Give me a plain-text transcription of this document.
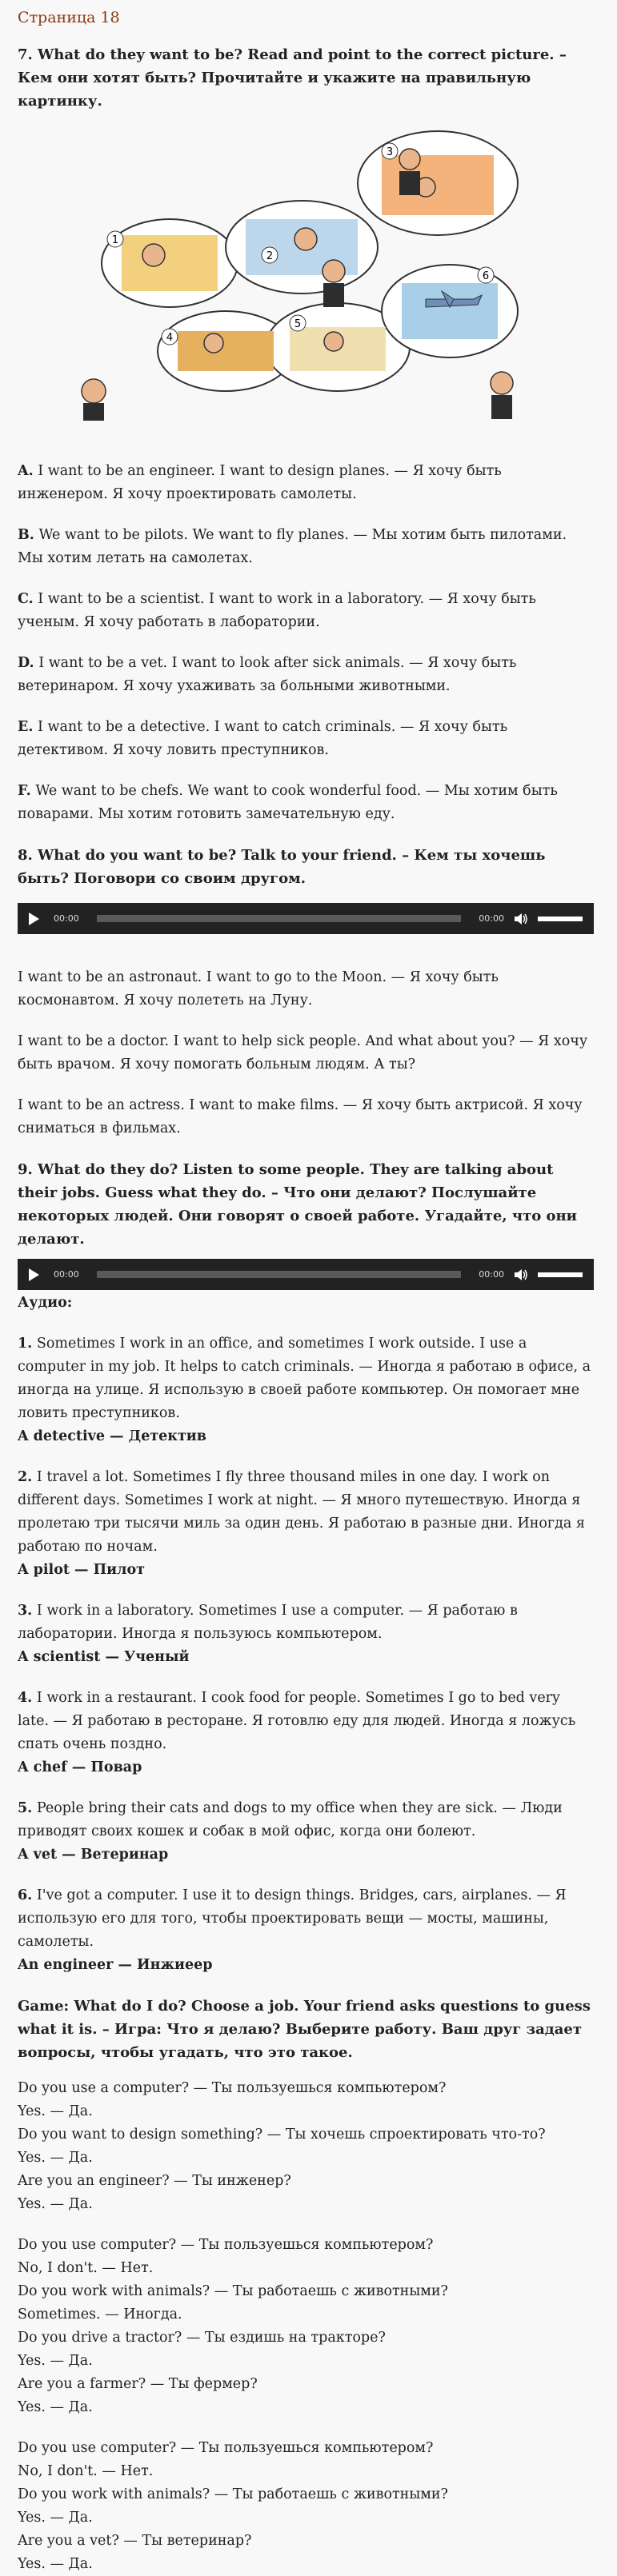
Страница 18
7. What do they want to be? Read and point to the correct picture. – Кем они хотят быть? Прочитайте и укажите на правильную картинку.
1
2
3
4
5
6

A. I want to be an engineer. I want to design planes. — Я хочу быть инженером. Я хочу проектировать самолеты.

B. We want to be pilots. We want to fly planes. — Мы хотим быть пилотами. Мы хотим летать на самолетах.

C. I want to be a scientist. I want to work in a laboratory. — Я хочу быть ученым. Я хочу работать в лаборатории.

D. I want to be a vet. I want to look after sick animals. — Я хочу быть ветеринаром. Я хочу ухаживать за больными животными.

E. I want to be a detective. I want to catch criminals. — Я хочу быть детективом. Я хочу ловить преступников.

F. We want to be chefs. We want to cook wonderful food. — Мы хотим быть поварами. Мы хотим готовить замечательную еду.

8. What do you want to be? Talk to your friend. – Кем ты хочешь быть? Поговори со своим другом.
00:00	00:00

I want to be an astronaut. I want to go to the Moon. — Я хочу быть космонавтом. Я хочу полететь на Луну.

I want to be a doctor. I want to help sick people. And what about you? — Я хочу быть врачом. Я хочу помогать больным людям. А ты?

I want to be an actress. I want to make films. — Я хочу быть актрисой. Я хочу сниматься в фильмах.

9. What do they do? Listen to some people. They are talking about their jobs. Guess what they do. – Что они делают? Послушайте некоторых людей. Они говорят о своей работе. Угадайте, что они делают.
00:00	00:00

Аудио:

1. Sometimes I work in an office, and sometimes I work outside. I use a computer in my job. It helps to catch criminals. — Иногда я работаю в офисе, а иногда на улице. Я использую в своей работе компьютер. Он помогает мне ловить преступников.

A detective — Детектив

2. I travel a lot. Sometimes I fly three thousand miles in one day. I work on different days. Sometimes I work at night. — Я много путешествую. Иногда я пролетаю три тысячи миль за один день. Я работаю в разные дни. Иногда я работаю по ночам.

A pilot — Пилот

3. I work in a laboratory. Sometimes I use a computer. — Я работаю в лаборатории. Иногда я пользуюсь компьютером.

A scientist — Ученый

4. I work in a restaurant. I cook food for people. Sometimes I go to bed very late. — Я работаю в ресторане. Я готовлю еду для людей. Иногда я ложусь спать очень поздно.

A chef — Повар

5. People bring their cats and dogs to my office when they are sick. — Люди приводят своих кошек и собак в мой офис, когда они болеют.

A vet — Ветеринар

6. I've got a computer. I use it to design things. Bridges, cars, airplanes. — Я использую его для того, чтобы проектировать вещи — мосты, машины, самолеты.

An engineer — Инжиеер

Game: What do I do? Choose a job. Your friend asks questions to guess what it is. – Игра: Что я делаю? Выберите работу. Ваш друг задает вопросы, чтобы угадать, что это такое.

Do you use a computer? — Ты пользуешься компьютером?

Yes. — Да.

Do you want to design something? — Ты хочешь спроектировать что-то?

Yes. — Да.

Are you an engineer? — Ты инженер?

Yes. — Да.

Do you use computer? — Ты пользуешься компьютером?

No, I don't. — Нет.

Do you work with animals? — Ты работаешь с животными?

Sometimes. — Иногда.

Do you drive a tractor? — Ты ездишь на тракторе?

Yes. — Да.

Are you a farmer? — Ты фермер?

Yes. — Да.

Do you use computer? — Ты пользуешься компьютером?

No, I don't. — Нет.

Do you work with animals? — Ты работаешь с животными?

Yes. — Да.

Are you a vet? — Ты ветеринар?

Yes. — Да.
